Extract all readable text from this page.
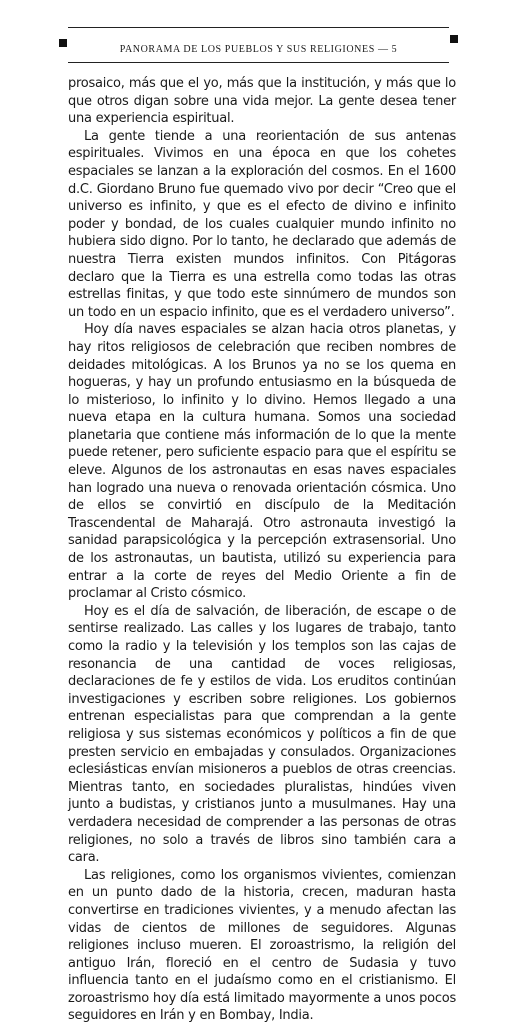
PANORAMA DE LOS PUEBLOS Y SUS RELIGIONES — 5

prosaico, más que el yo, más que la institución, y más que lo que otros digan sobre una vida mejor. La gente desea tener una experiencia espiritual.

La gente tiende a una reorientación de sus antenas espirituales. Vivimos en una época en que los cohetes espaciales se lanzan a la exploración del cosmos. En el 1600 d.C. Giordano Bruno fue quemado vivo por decir “Creo que el universo es infinito, y que es el efecto de divino e infinito poder y bondad, de los cuales cualquier mundo infinito no hubiera sido digno. Por lo tanto, he declarado que además de nuestra Tierra existen mundos infinitos. Con Pitágoras declaro que la Tierra es una estrella como todas las otras estrellas finitas, y que todo este sinnúmero de mundos son un todo en un espacio infinito, que es el verdadero universo”.

Hoy día naves espaciales se alzan hacia otros planetas, y hay ritos religiosos de celebración que reciben nombres de deidades mitológicas. A los Brunos ya no se los quema en hogueras, y hay un profundo entusiasmo en la búsqueda de lo misterioso, lo infinito y lo divino. Hemos llegado a una nueva etapa en la cultura humana. Somos una sociedad planetaria que contiene más información de lo que la mente puede retener, pero suficiente espacio para que el espíritu se eleve. Algunos de los astronautas en esas naves espaciales han logrado una nueva o renovada orientación cósmica. Uno de ellos se convirtió en discípulo de la Meditación Trascendental de Maharajá. Otro astronauta investigó la sanidad parapsicológica y la percepción extrasensorial. Uno de los astronautas, un bautista, utilizó su experiencia para entrar a la corte de reyes del Medio Oriente a fin de proclamar al Cristo cósmico.

Hoy es el día de salvación, de liberación, de escape o de sentirse realizado. Las calles y los lugares de trabajo, tanto como la radio y la televisión y los templos son las cajas de resonancia de una cantidad de voces religiosas, declaraciones de fe y estilos de vida. Los eruditos continúan investigaciones y escriben sobre religiones. Los gobiernos entrenan especialistas para que comprendan a la gente religiosa y sus sistemas económicos y políticos a fin de que presten servicio en embajadas y consulados. Organizaciones eclesiásticas envían misioneros a pueblos de otras creencias. Mientras tanto, en sociedades pluralistas, hindúes viven junto a budistas, y cristianos junto a musulmanes. Hay una verdadera necesidad de comprender a las personas de otras religiones, no solo a través de libros sino también cara a cara.

Las religiones, como los organismos vivientes, comienzan en un punto dado de la historia, crecen, maduran hasta convertirse en tradiciones vivientes, y a menudo afectan las vidas de cientos de millones de seguidores. Algunas religiones incluso mueren. El zoroastrismo, la religión del antiguo Irán, floreció en el centro de Sudasia y tuvo influencia tanto en el judaísmo como en el cristianismo. El zoroastrismo hoy día está limitado mayormente a unos pocos seguidores en Irán y en Bombay, India.
